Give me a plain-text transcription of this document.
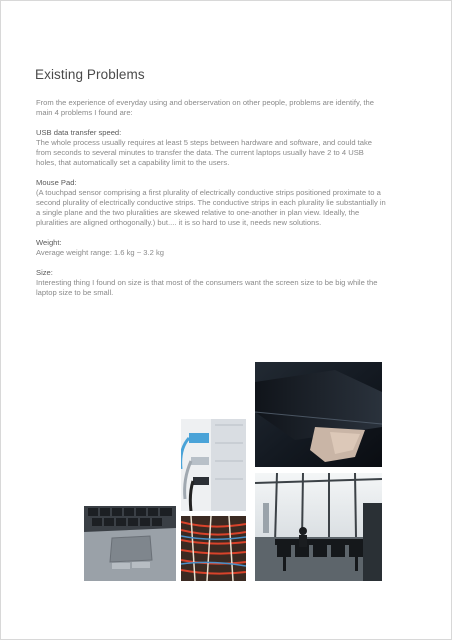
Existing Problems

From the experience of everyday using and oberservation on other people, problems are identify, the main 4 problems I found are:

USB data transfer speed:

The whole process usually requires at least 5 steps between hardware and software, and could take from seconds to several minutes to transfer the data. The current laptops usually have 2 to 4 USB holes, that automatically set a capability limit to the users.

Mouse Pad:

(A touchpad sensor comprising a first plurality of electrically conductive strips positioned proximate to a second plurality of electrically conductive strips. The conductive strips in each plurality lie substantially in a single plane and the two pluralities are skewed relative to one-another in plan view. Ideally, the pluralities are aligned orthogonally.) but.... it is so hard to use it, needs new solutions.

Weight:

Average weight range: 1.6 kg ~ 3.2 kg

Size:

Interesting thing I found on size is that most of the consumers want the screen size to be big while the laptop size to be small.
